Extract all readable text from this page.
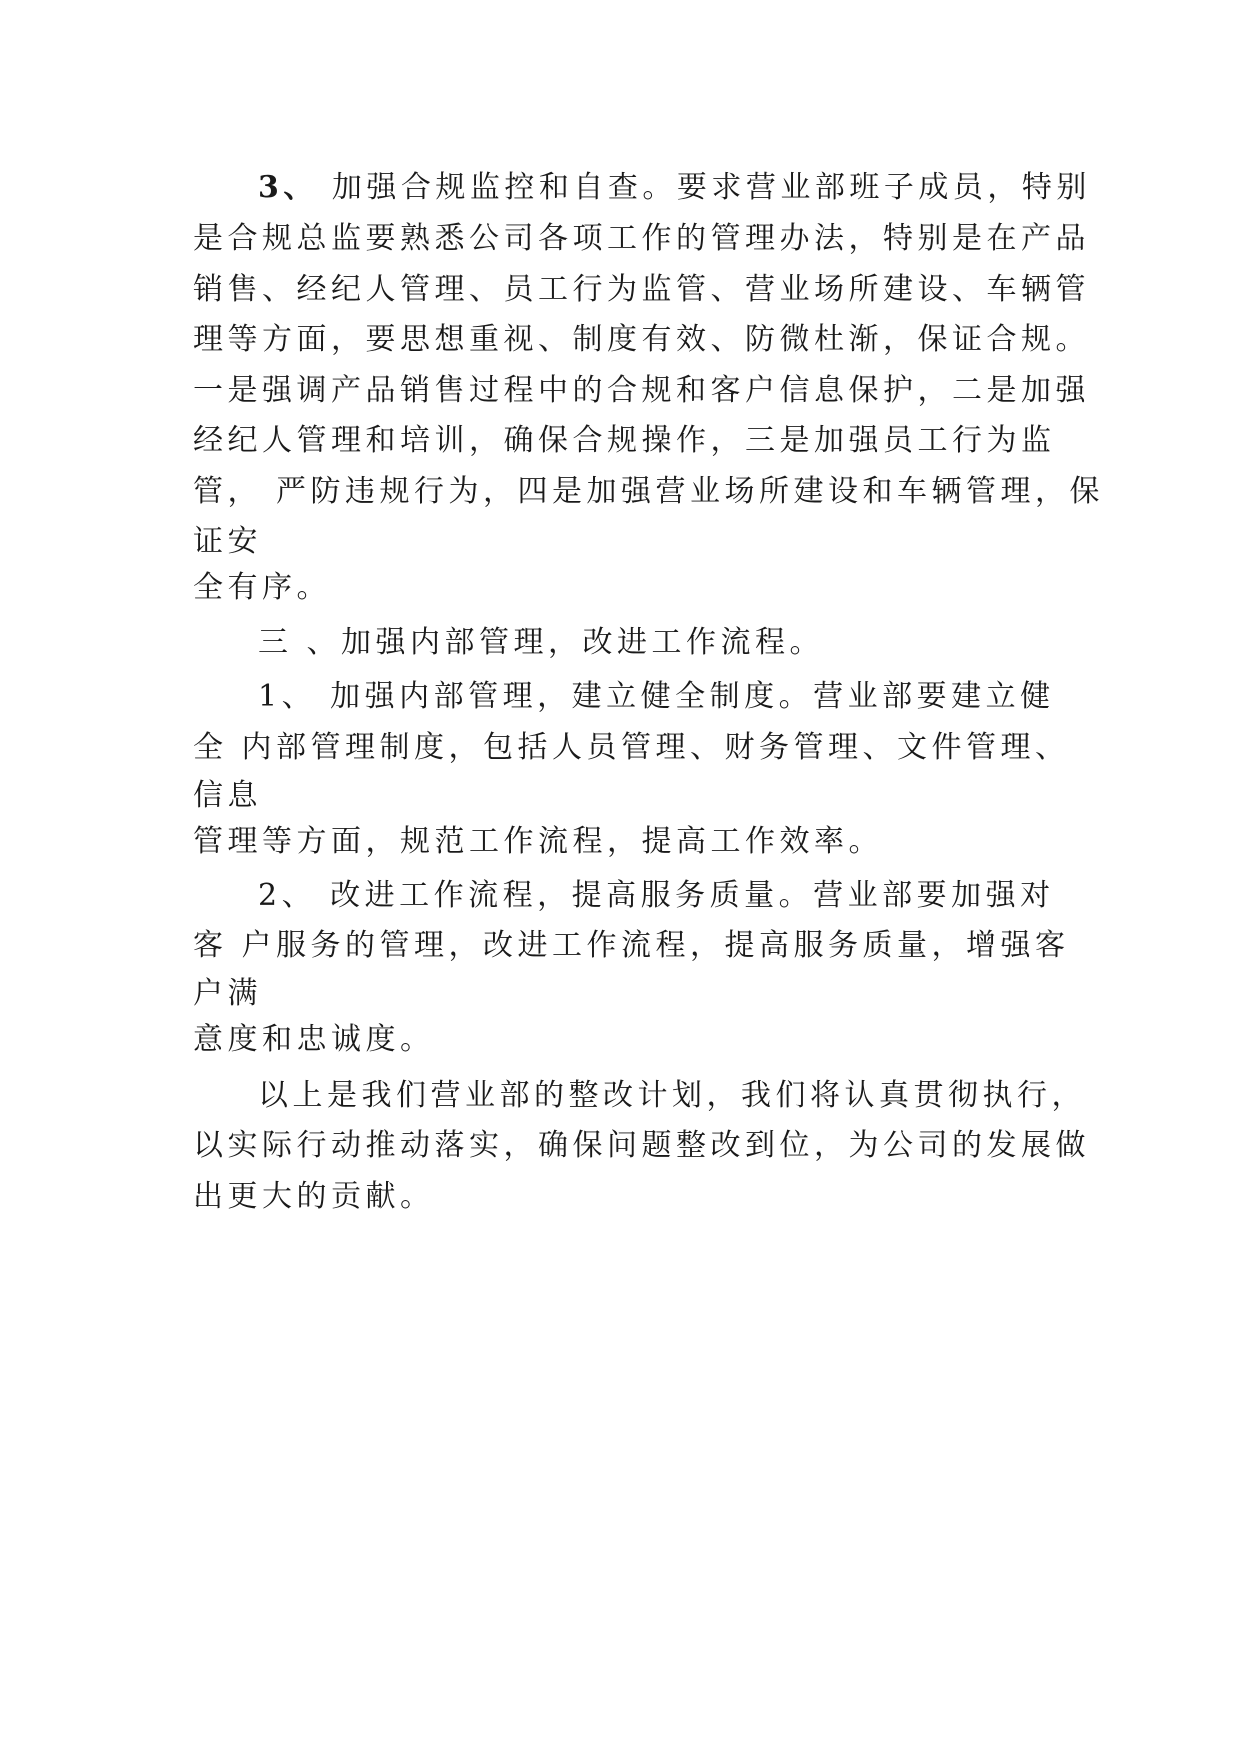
3、 加强合规监控和自查。要求营业部班子成员，特别
是合规总监要熟悉公司各项工作的管理办法，特别是在产品
销售、经纪人管理、员工行为监管、营业场所建设、车辆管
理等方面，要思想重视、制度有效、防微杜渐，保证合规。
一是强调产品销售过程中的合规和客户信息保护，二是加强
经纪人管理和培训，确保合规操作，三是加强员工行为监
管， 严防违规行为，四是加强营业场所建设和车辆管理，保
证安
全有序。
三 、加强内部管理，改进工作流程。
1、 加强内部管理，建立健全制度。营业部要建立健
全 内部管理制度，包括人员管理、财务管理、文件管理、
信息
管理等方面，规范工作流程，提高工作效率。
2、 改进工作流程，提高服务质量。营业部要加强对
客 户服务的管理，改进工作流程，提高服务质量，增强客
户满
意度和忠诚度。
以上是我们营业部的整改计划，我们将认真贯彻执行，
以实际行动推动落实，确保问题整改到位，为公司的发展做
出更大的贡献。
